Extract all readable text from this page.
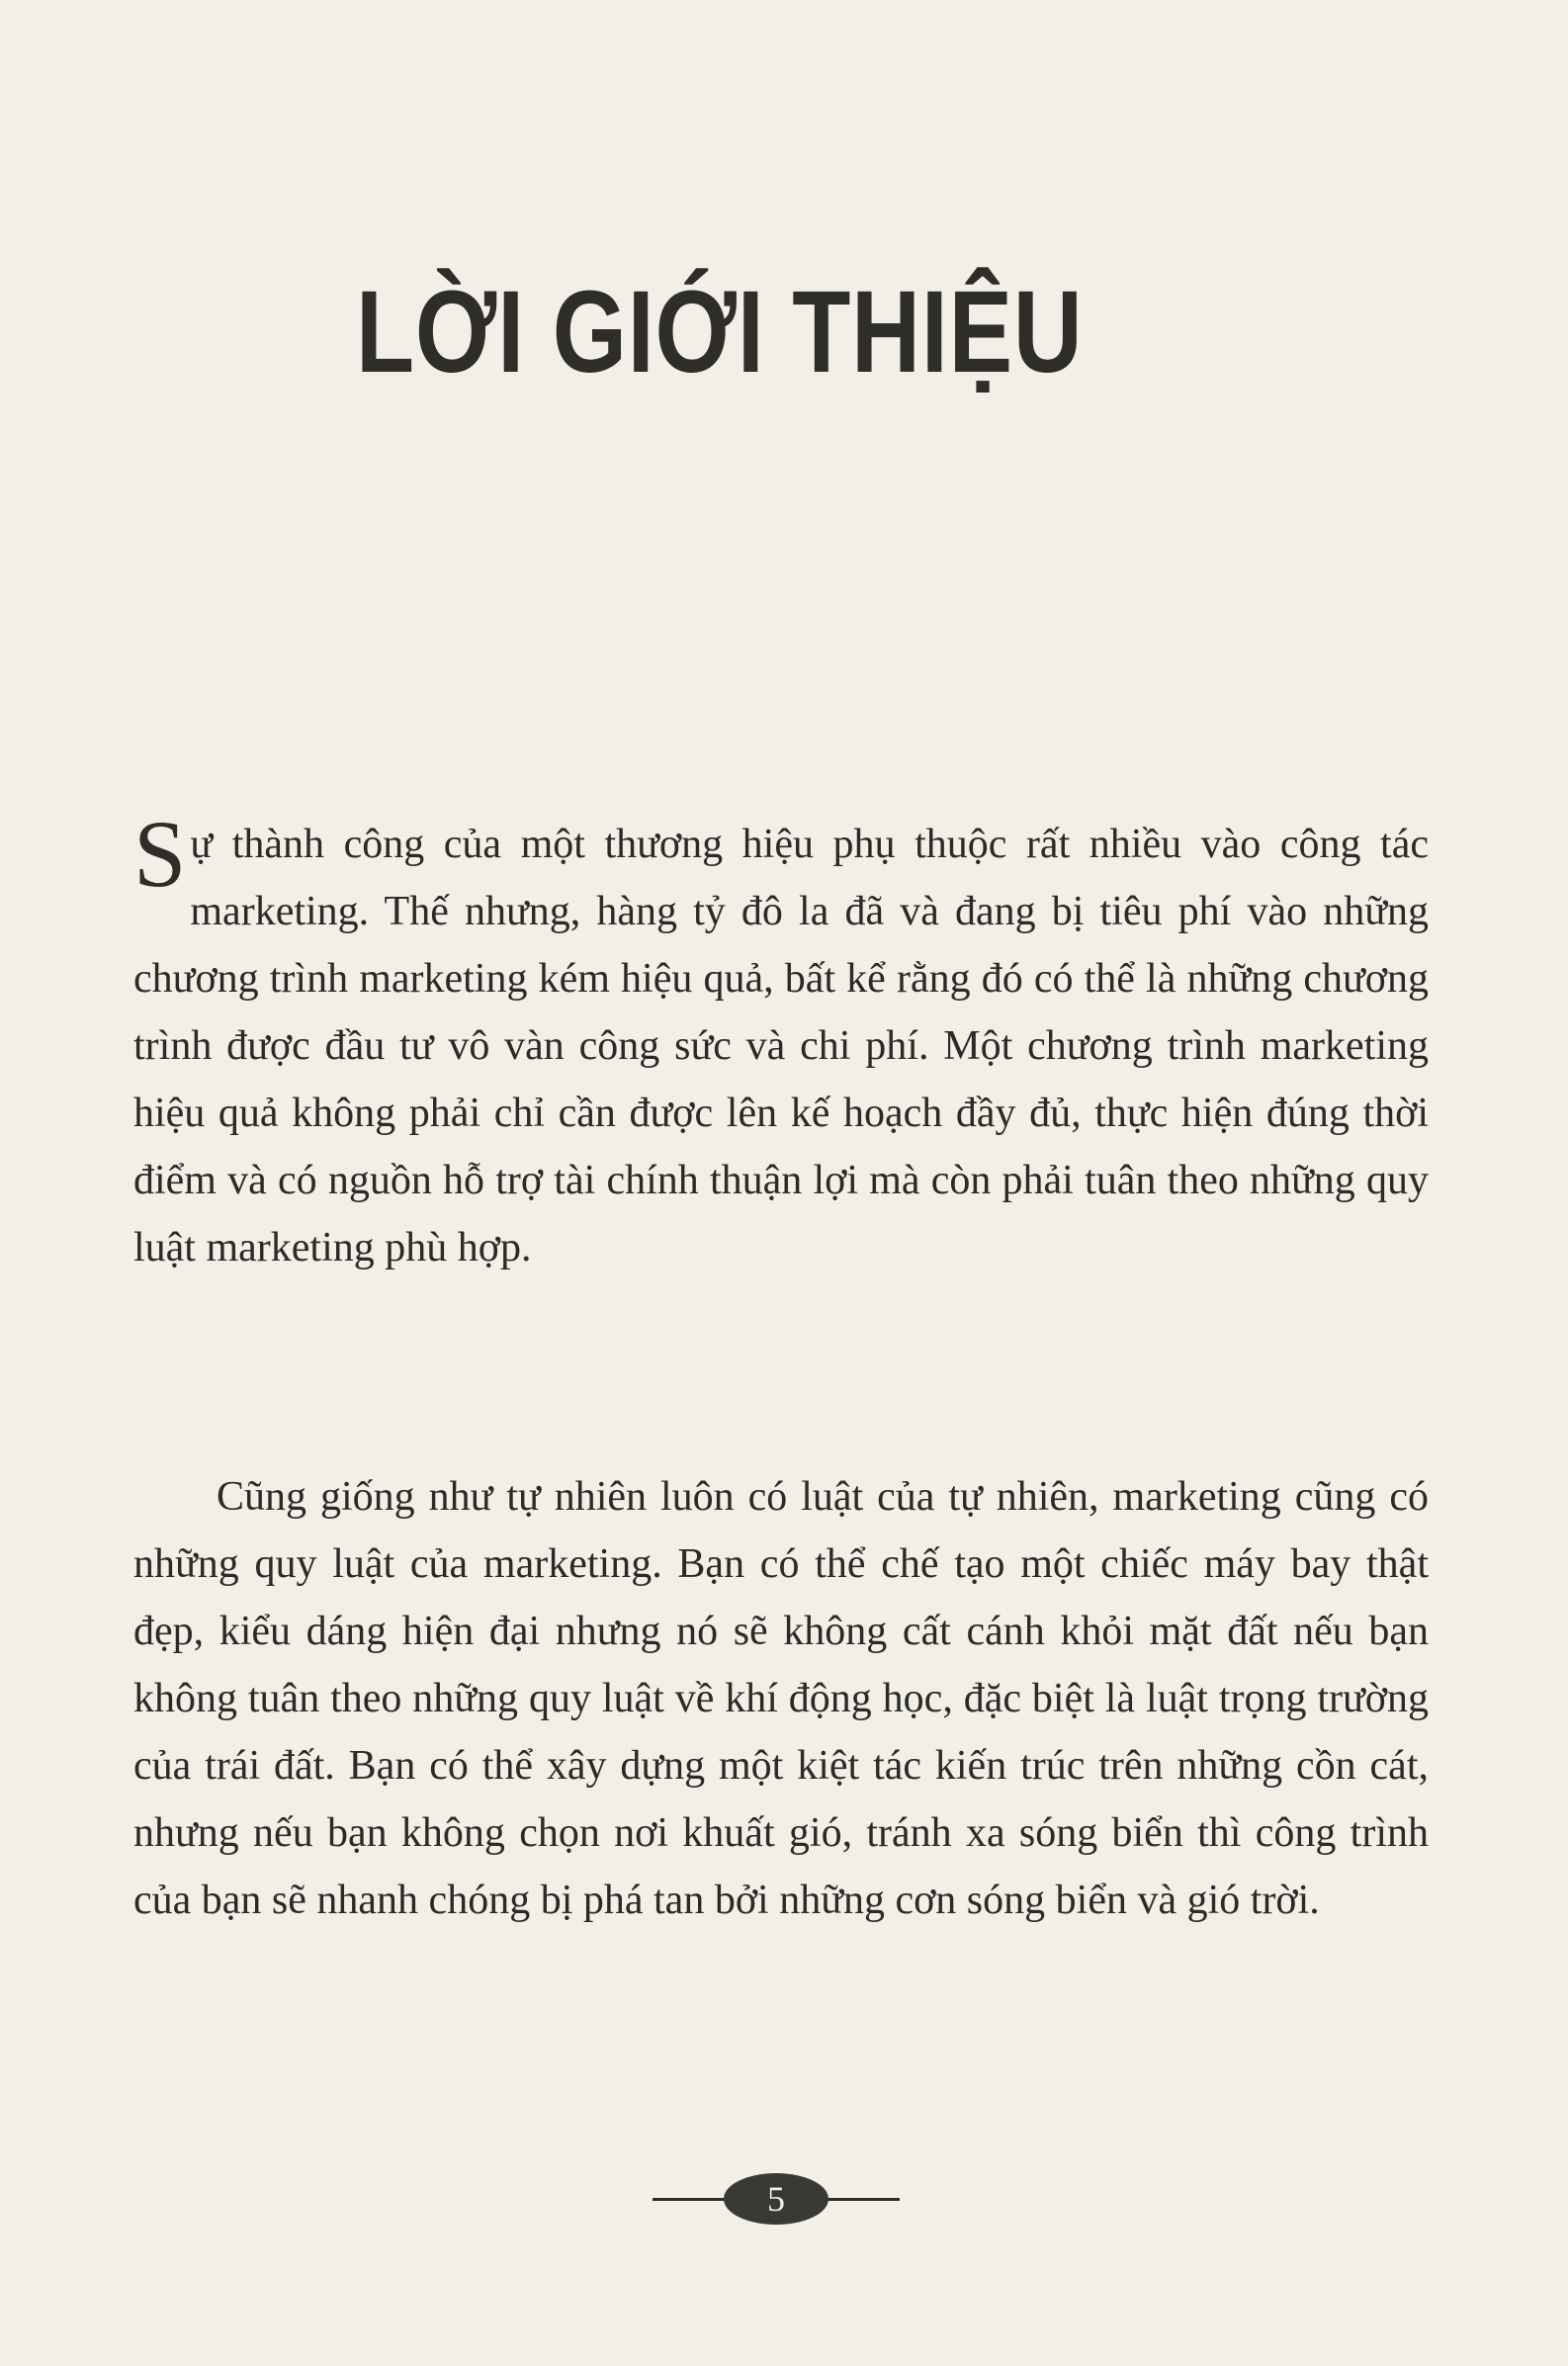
LỜI GIỚI THIỆU

Sự thành công của một thương hiệu phụ thuộc rất nhiều vào công tác marketing. Thế nhưng, hàng tỷ đô la đã và đang bị tiêu phí vào những chương trình marketing kém hiệu quả, bất kể rằng đó có thể là những chương trình được đầu tư vô vàn công sức và chi phí. Một chương trình marketing hiệu quả không phải chỉ cần được lên kế hoạch đầy đủ, thực hiện đúng thời điểm và có nguồn hỗ trợ tài chính thuận lợi mà còn phải tuân theo những quy luật marketing phù hợp.

Cũng giống như tự nhiên luôn có luật của tự nhiên, marketing cũng có những quy luật của marketing. Bạn có thể chế tạo một chiếc máy bay thật đẹp, kiểu dáng hiện đại nhưng nó sẽ không cất cánh khỏi mặt đất nếu bạn không tuân theo những quy luật về khí động học, đặc biệt là luật trọng trường của trái đất. Bạn có thể xây dựng một kiệt tác kiến trúc trên những cồn cát, nhưng nếu bạn không chọn nơi khuất gió, tránh xa sóng biển thì công trình của bạn sẽ nhanh chóng bị phá tan bởi những cơn sóng biển và gió trời.

5
